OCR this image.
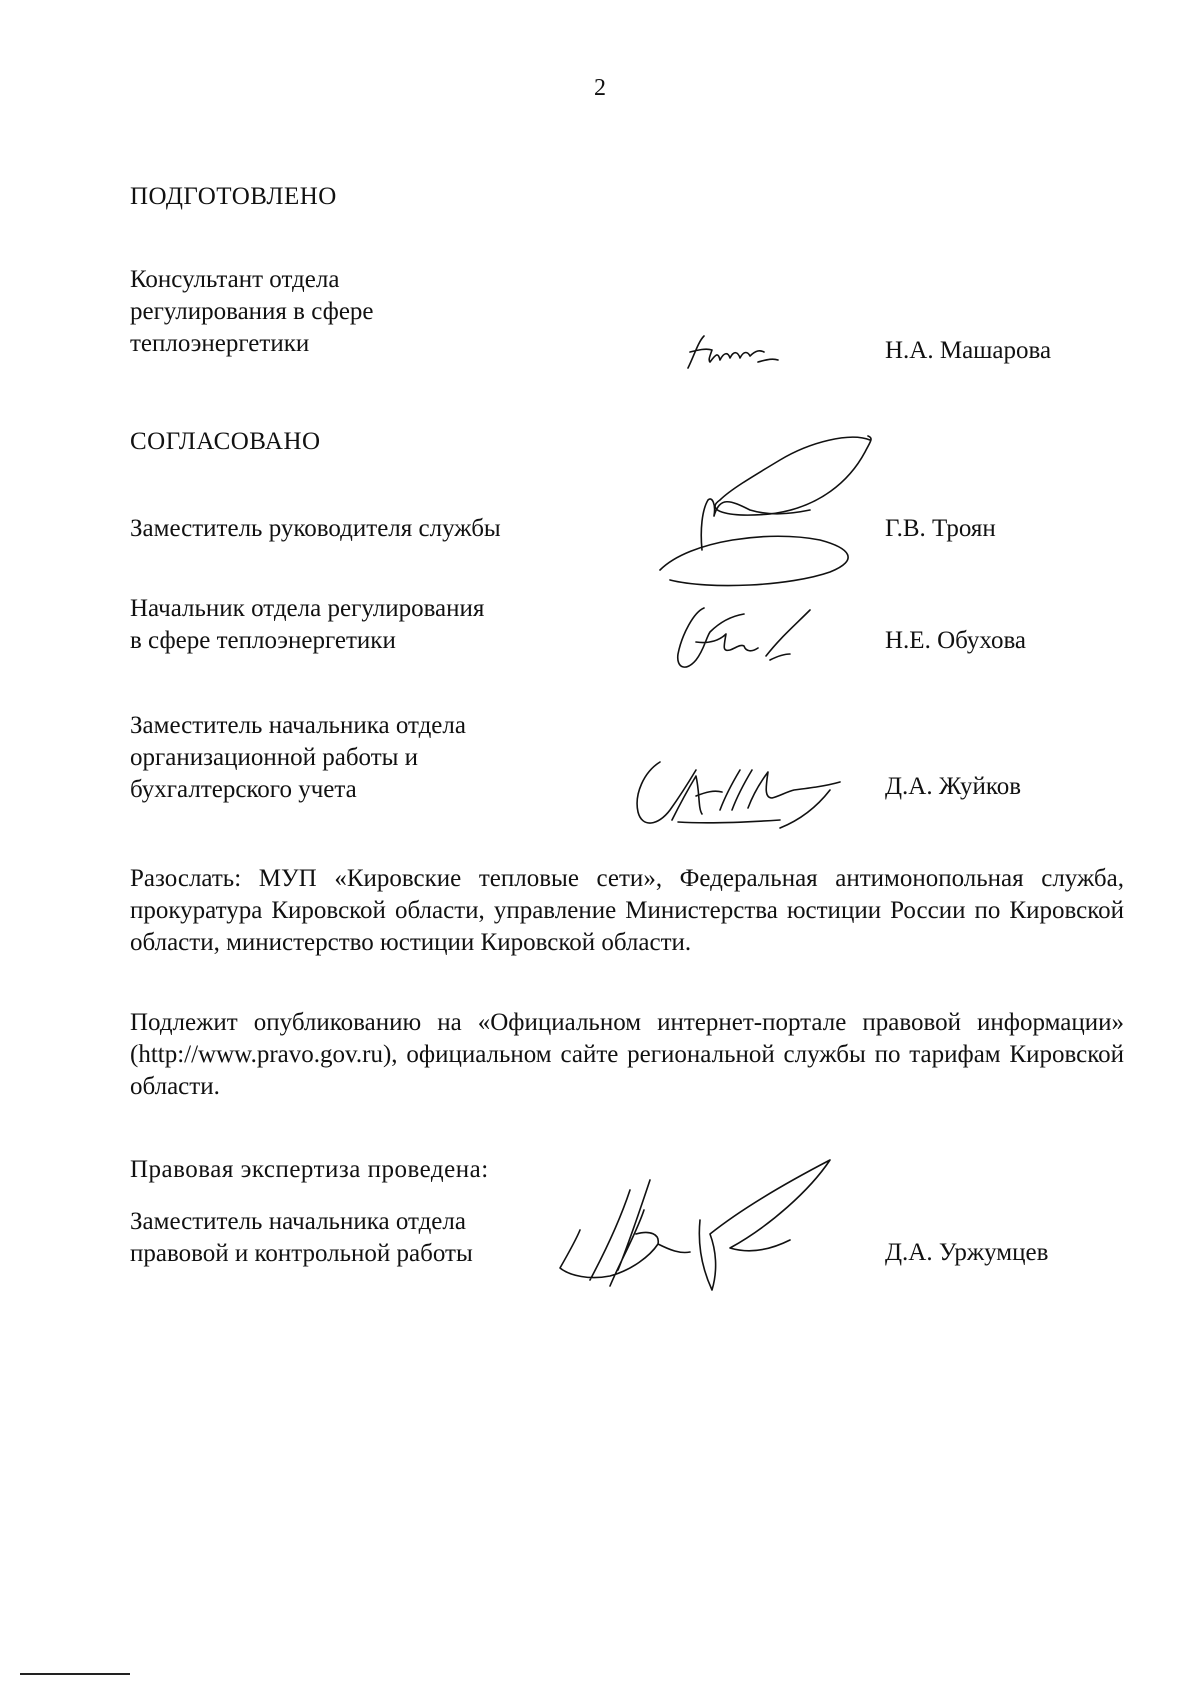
2
ПОДГОТОВЛЕНО
Консультант отдела
регулирования в сфере
теплоэнергетики	Н.А. Машарова
СОГЛАСОВАНО
Заместитель руководителя службы	Г.В. Троян
Начальник отдела регулирования
в сфере теплоэнергетики	Н.Е. Обухова
Заместитель начальника отдела
организационной работы и
бухгалтерского учета	Д.А. Жуйков
Разослать: МУП «Кировские тепловые сети», Федеральная антимонопольная служба, прокуратура Кировской области, управление Министерства юстиции России по Кировской области, министерство юстиции Кировской области.
Подлежит опубликованию на «Официальном интернет-портале правовой информации» (http://www.pravo.gov.ru), официальном сайте региональной службы по тарифам Кировской области.
Правовая экспертиза проведена:
Заместитель начальника отдела
правовой и контрольной работы	Д.А. Уржумцев
